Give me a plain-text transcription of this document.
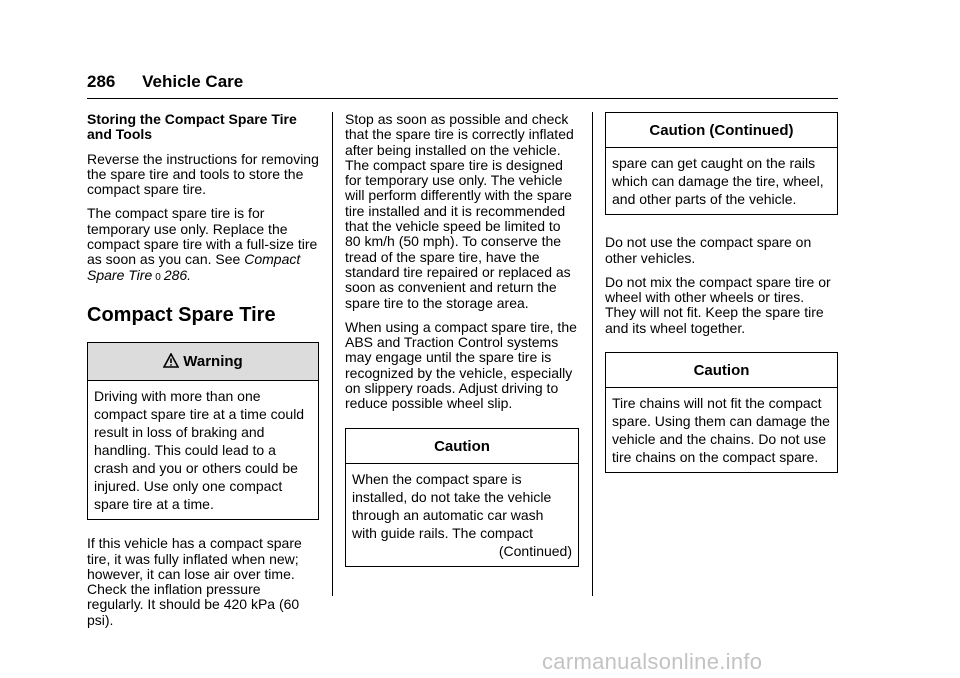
286 Vehicle Care
Storing the Compact Spare Tire and Tools

Reverse the instructions for removing the spare tire and tools to store the compact spare tire.

The compact spare tire is for temporary use only. Replace the compact spare tire with a full-size tire as soon as you can. See Compact Spare Tire 0 286.

Compact Spare Tire
Warning
Driving with more than one compact spare tire at a time could result in loss of braking and handling. This could lead to a crash and you or others could be injured. Use only one compact spare tire at a time.

If this vehicle has a compact spare tire, it was fully inflated when new; however, it can lose air over time. Check the inflation pressure regularly. It should be 420 kPa (60 psi).

Stop as soon as possible and check that the spare tire is correctly inflated after being installed on the vehicle. The compact spare tire is designed for temporary use only. The vehicle will perform differently with the spare tire installed and it is recommended that the vehicle speed be limited to 80 km/h (50 mph). To conserve the tread of the spare tire, have the standard tire repaired or replaced as soon as convenient and return the spare tire to the storage area.

When using a compact spare tire, the ABS and Traction Control systems may engage until the spare tire is recognized by the vehicle, especially on slippery roads. Adjust driving to reduce possible wheel slip.

Caution
When the compact spare is installed, do not take the vehicle through an automatic car wash with guide rails. The compact
(Continued)
Caution (Continued)
spare can get caught on the rails which can damage the tire, wheel, and other parts of the vehicle.

Do not use the compact spare on other vehicles.

Do not mix the compact spare tire or wheel with other wheels or tires. They will not fit. Keep the spare tire and its wheel together.

Caution
Tire chains will not fit the compact spare. Using them can damage the vehicle and the chains. Do not use tire chains on the compact spare.
carmanualsonline.info
